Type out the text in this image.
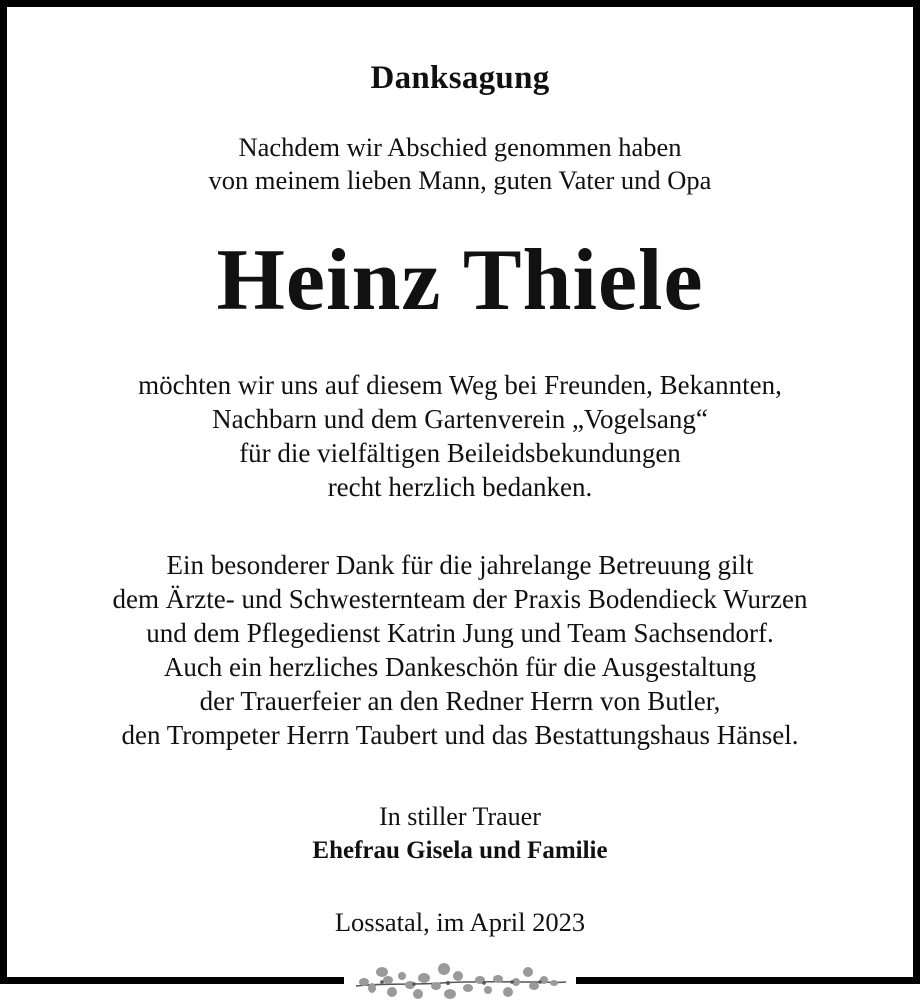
Danksagung
Nachdem wir Abschied genommen haben
von meinem lieben Mann, guten Vater und Opa
Heinz Thiele
möchten wir uns auf diesem Weg bei Freunden, Bekannten,
Nachbarn und dem Gartenverein „Vogelsang“
für die vielfältigen Beileidsbekundungen
recht herzlich bedanken.
Ein besonderer Dank für die jahrelange Betreuung gilt
dem Ärzte- und Schwesternteam der Praxis Bodendieck Wurzen
und dem Pflegedienst Katrin Jung und Team Sachsendorf.
Auch ein herzliches Dankeschön für die Ausgestaltung
der Trauerfeier an den Redner Herrn von Butler,
den Trompeter Herrn Taubert und das Bestattungshaus Hänsel.
In stiller Trauer
Ehefrau Gisela und Familie
Lossatal, im April 2023
